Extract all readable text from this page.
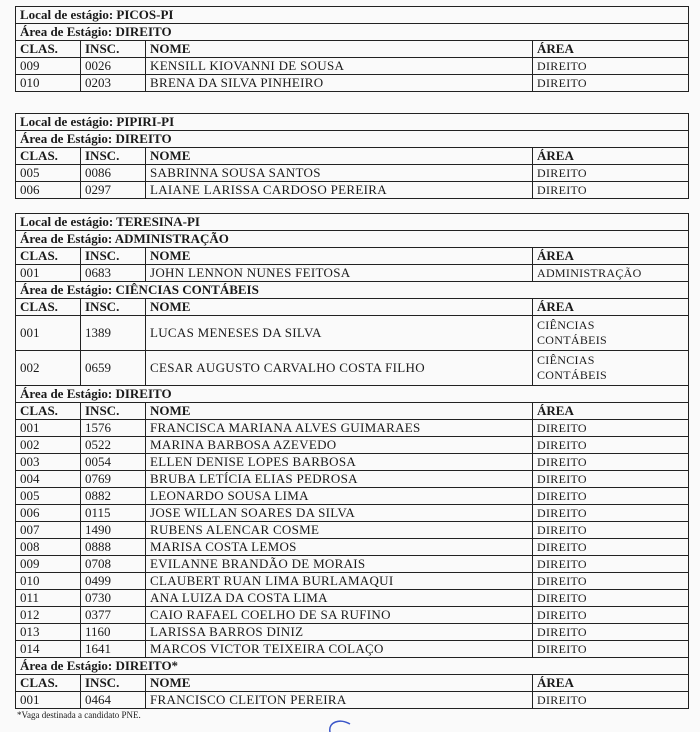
Local de estágio: PICOS-PI
Área de Estágio: DIREITO
CLAS.	INSC.	NOME	ÁREA
009	0026	KENSILL KIOVANNI DE SOUSA	DIREITO
010	0203	BRENA DA SILVA PINHEIRO	DIREITO
Local de estágio: PIPIRI-PI
Área de Estágio: DIREITO
CLAS.	INSC.	NOME	ÁREA
005	0086	SABRINNA SOUSA SANTOS	DIREITO
006	0297	LAIANE LARISSA CARDOSO PEREIRA	DIREITO
Local de estágio: TERESINA-PI
Área de Estágio: ADMINISTRAÇÃO
CLAS.	INSC.	NOME	ÁREA
001	0683	JOHN LENNON NUNES FEITOSA	ADMINISTRAÇÃO
Área de Estágio: CIÊNCIAS CONTÁBEIS
CLAS.	INSC.	NOME	ÁREA
001	1389	LUCAS MENESES DA SILVA	CIÊNCIAS
CONTÁBEIS
002	0659	CESAR AUGUSTO CARVALHO COSTA FILHO	CIÊNCIAS
CONTÁBEIS
Área de Estágio: DIREITO
CLAS.	INSC.	NOME	ÁREA
001	1576	FRANCISCA MARIANA ALVES GUIMARAES	DIREITO
002	0522	MARINA BARBOSA AZEVEDO	DIREITO
003	0054	ELLEN DENISE LOPES BARBOSA	DIREITO
004	0769	BRUBA LETÍCIA ELIAS PEDROSA	DIREITO
005	0882	LEONARDO SOUSA LIMA	DIREITO
006	0115	JOSE WILLAN SOARES DA SILVA	DIREITO
007	1490	RUBENS ALENCAR COSME	DIREITO
008	0888	MARISA COSTA LEMOS	DIREITO
009	0708	EVILANNE BRANDÃO DE MORAIS	DIREITO
010	0499	CLAUBERT RUAN LIMA BURLAMAQUI	DIREITO
011	0730	ANA LUIZA DA COSTA LIMA	DIREITO
012	0377	CAIO RAFAEL COELHO DE SA RUFINO	DIREITO
013	1160	LARISSA BARROS DINIZ	DIREITO
014	1641	MARCOS VICTOR TEIXEIRA COLAÇO	DIREITO
Área de Estágio: DIREITO*
CLAS.	INSC.	NOME	ÁREA
001	0464	FRANCISCO CLEITON PEREIRA	DIREITO
*Vaga destinada a candidato PNE.
